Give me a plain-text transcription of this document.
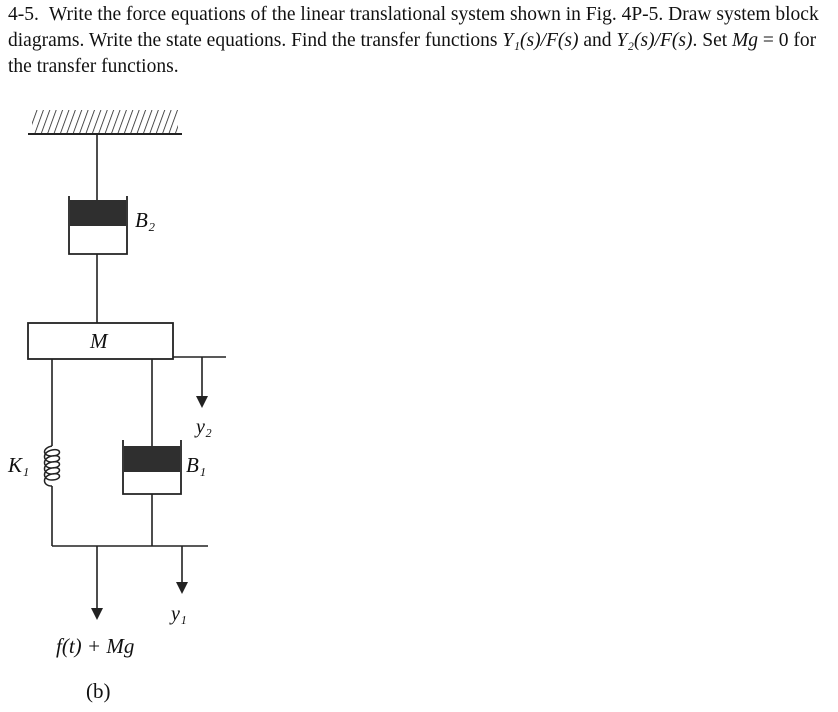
4-5. Write the force equations of the linear translational system shown in Fig. 4P-5. Draw system block diagrams. Write the state equations. Find the transfer functions Y₁(s)/F(s) and Y₂(s)/F(s). Set Mg = 0 for the transfer functions.

B₂
M
y₂
K₁	B₁
y₁
f(t) + Mg
(b)
